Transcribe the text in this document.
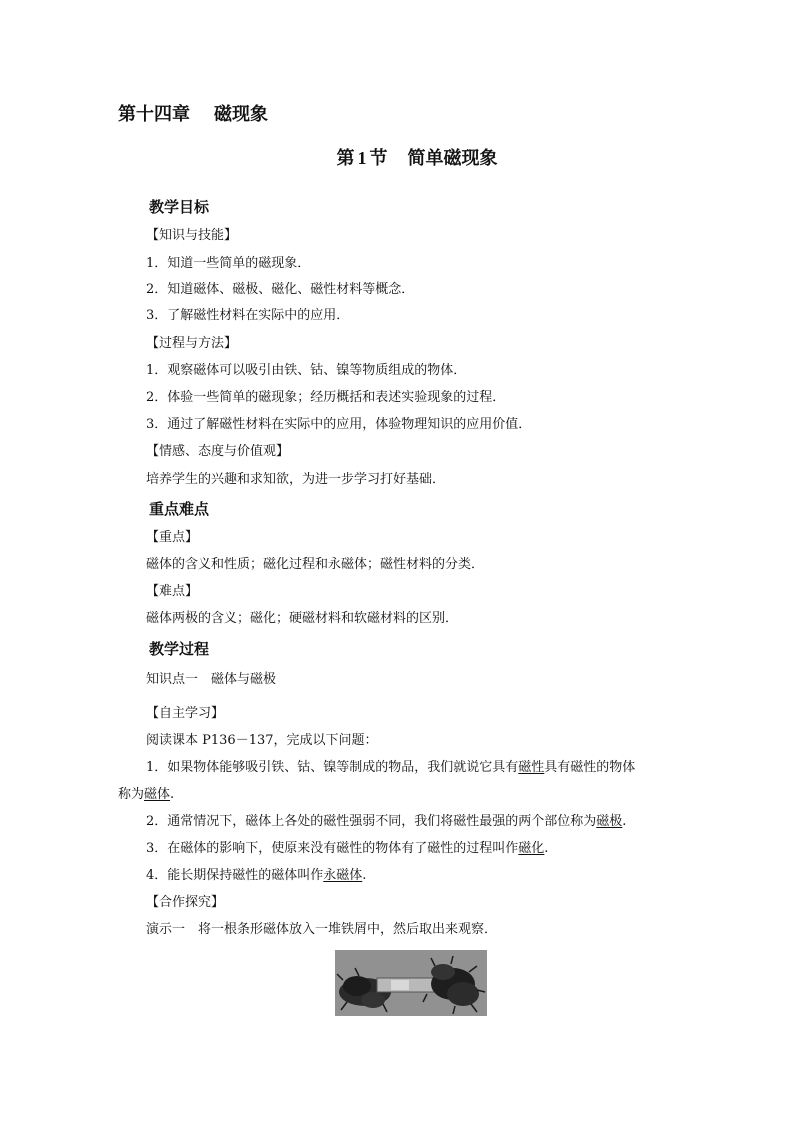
第十四章 磁现象
第 1 节 简单磁现象
教学目标
【知识与技能】
1．知道一些简单的磁现象．
2．知道磁体、磁极、磁化、磁性材料等概念．
3．了解磁性材料在实际中的应用．
【过程与方法】
1．观察磁体可以吸引由铁、钴、镍等物质组成的物体．
2．体验一些简单的磁现象；经历概括和表述实验现象的过程．
3．通过了解磁性材料在实际中的应用，体验物理知识的应用价值．
【情感、态度与价值观】
培养学生的兴趣和求知欲，为进一步学习打好基础．
重点难点
【重点】
磁体的含义和性质；磁化过程和永磁体；磁性材料的分类．
【难点】
磁体两极的含义；磁化；硬磁材料和软磁材料的区别．
教学过程
知识点一　磁体与磁极
【自主学习】
阅读课本 P136－137，完成以下问题：
1．如果物体能够吸引铁、钴、镍等制成的物品，我们就说它具有磁性具有磁性的物体
称为磁体.
2．通常情况下，磁体上各处的磁性强弱不同，我们将磁性最强的两个部位称为磁极.
3．在磁体的影响下，使原来没有磁性的物体有了磁性的过程叫作磁化.
4．能长期保持磁性的磁体叫作永磁体.
【合作探究】
演示一　将一根条形磁体放入一堆铁屑中，然后取出来观察．
